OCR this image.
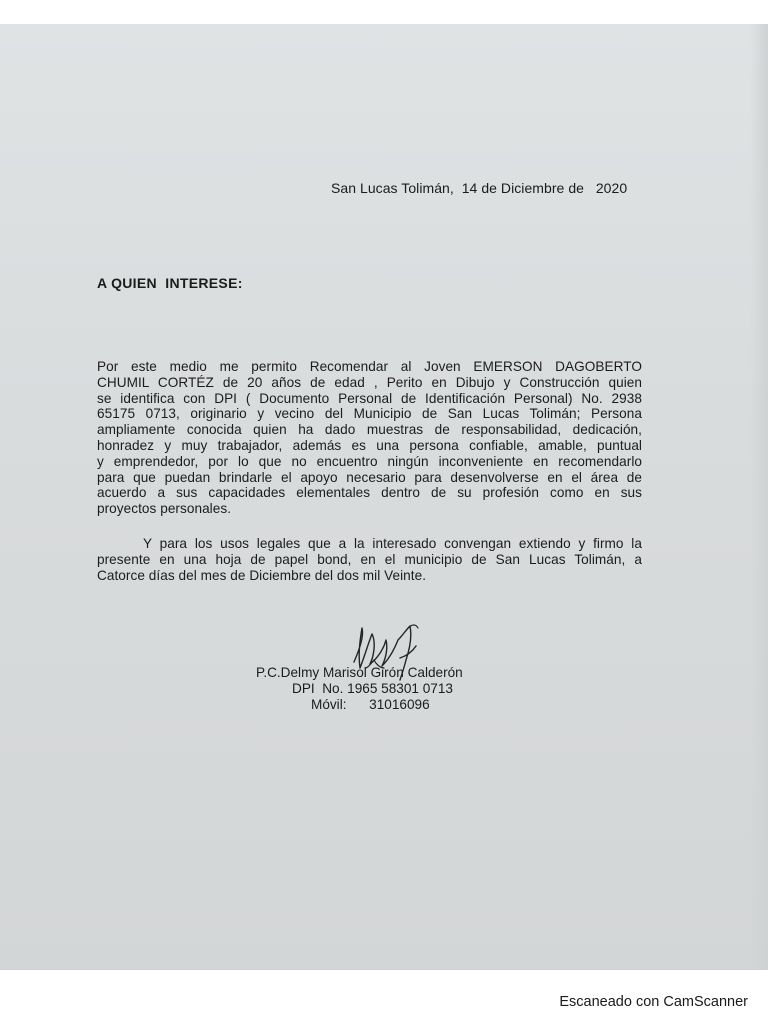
San Lucas Tolimán,  14 de Diciembre de   2020
A QUIEN  INTERESE:
Por este medio me permito Recomendar al Joven EMERSON DAGOBERTO
CHUMIL CORTÉZ de 20 años de edad , Perito en Dibujo y Construcción quien
se identifica con DPI ( Documento Personal de Identificación Personal) No. 2938
65175 0713, originario y vecino del Municipio de San Lucas Tolimán; Persona
ampliamente conocida quien ha dado muestras de responsabilidad, dedicación,
honradez y muy trabajador, además es una persona confiable, amable, puntual
y emprendedor, por lo que no encuentro ningún inconveniente en recomendarlo
para que puedan brindarle el apoyo necesario para desenvolverse en el área de
acuerdo a sus capacidades elementales dentro de su profesión como en sus
proyectos personales.
Y para los usos legales que a la interesado convengan extiendo y firmo la
presente en una hoja de papel bond, en el municipio de San Lucas Tolimán, a
Catorce días del mes de Diciembre del dos mil Veinte.
P.C.Delmy Marisol Girón Calderón
DPI  No. 1965 58301 0713
Móvil:      31016096
Escaneado con CamScanner
